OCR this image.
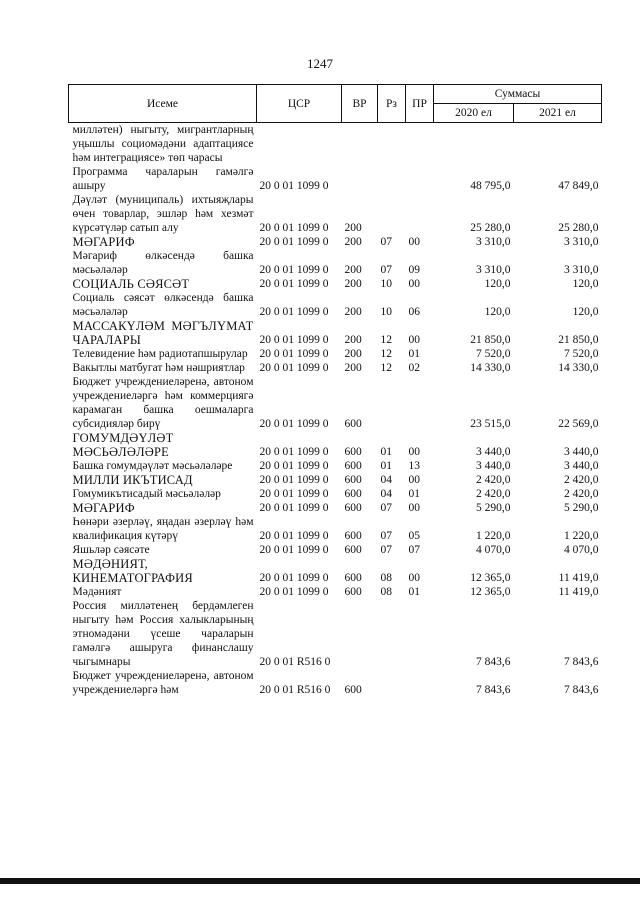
1247
Исеме	ЦСР	ВР	Рз	ПР	Суммасы	
					2020 ел	2021 ел
милләтен) ныгыту, мигрантларның уңышлы социомәдәни адаптациясе һәм интеграциясе» төп чарасы						
Программа чараларын гамәлгә ашыру	20 0 01 1099 0				48 795,0	47 849,0
Дәүләт (муниципаль) ихтыяҗлары өчен товарлар, эшләр һәм хезмәт күрсәтүләр сатып алу	20 0 01 1099 0	200			25 280,0	25 280,0
МӘГАРИФ	20 0 01 1099 0	200	07	00	3 310,0	3 310,0
Мәгариф өлкәсендә башка мәсьәләләр	20 0 01 1099 0	200	07	09	3 310,0	3 310,0
СОЦИАЛЬ СӘЯСӘТ	20 0 01 1099 0	200	10	00	120,0	120,0
Социаль сәясәт өлкәсендә башка мәсьәләләр	20 0 01 1099 0	200	10	06	120,0	120,0
МАССАКҮЛӘМ МӘГЪЛҮМАТ ЧАРАЛАРЫ	20 0 01 1099 0	200	12	00	21 850,0	21 850,0
Телевидение һәм радиотапшырулар	20 0 01 1099 0	200	12	01	7 520,0	7 520,0
Вакытлы матбугат һәм нәшриятлар	20 0 01 1099 0	200	12	02	14 330,0	14 330,0
Бюджет учреждениеләренә, автоном учреждениеләргә һәм коммерциягә карамаган башка оешмаларга субсидияләр бирү	20 0 01 1099 0	600			23 515,0	22 569,0
ГОМУМДӘҮЛӘТ МӘСЬӘЛӘЛӘРЕ	20 0 01 1099 0	600	01	00	3 440,0	3 440,0
Башка гомумдәүләт мәсьәләләре	20 0 01 1099 0	600	01	13	3 440,0	3 440,0
МИЛЛИ ИКЪТИСАД	20 0 01 1099 0	600	04	00	2 420,0	2 420,0
Гомумикътисадый мәсьәләләр	20 0 01 1099 0	600	04	01	2 420,0	2 420,0
МӘГАРИФ	20 0 01 1099 0	600	07	00	5 290,0	5 290,0
Һөнәри әзерләү, яңадан әзерләү һәм квалификация күтәрү	20 0 01 1099 0	600	07	05	1 220,0	1 220,0
Яшьләр сәясәте	20 0 01 1099 0	600	07	07	4 070,0	4 070,0
МӘДӘНИЯТ, КИНЕМАТОГРАФИЯ	20 0 01 1099 0	600	08	00	12 365,0	11 419,0
Мәдәният	20 0 01 1099 0	600	08	01	12 365,0	11 419,0
Россия милләтенең бердәмлеген ныгыту һәм Россия халыкларының этномәдәни үсеше чараларын гамәлгә ашыруга финанслашу чыгымнары	20 0 01 R516 0				7 843,6	7 843,6
Бюджет учреждениеләренә, автоном учреждениеләргә һәм	20 0 01 R516 0	600			7 843,6	7 843,6
